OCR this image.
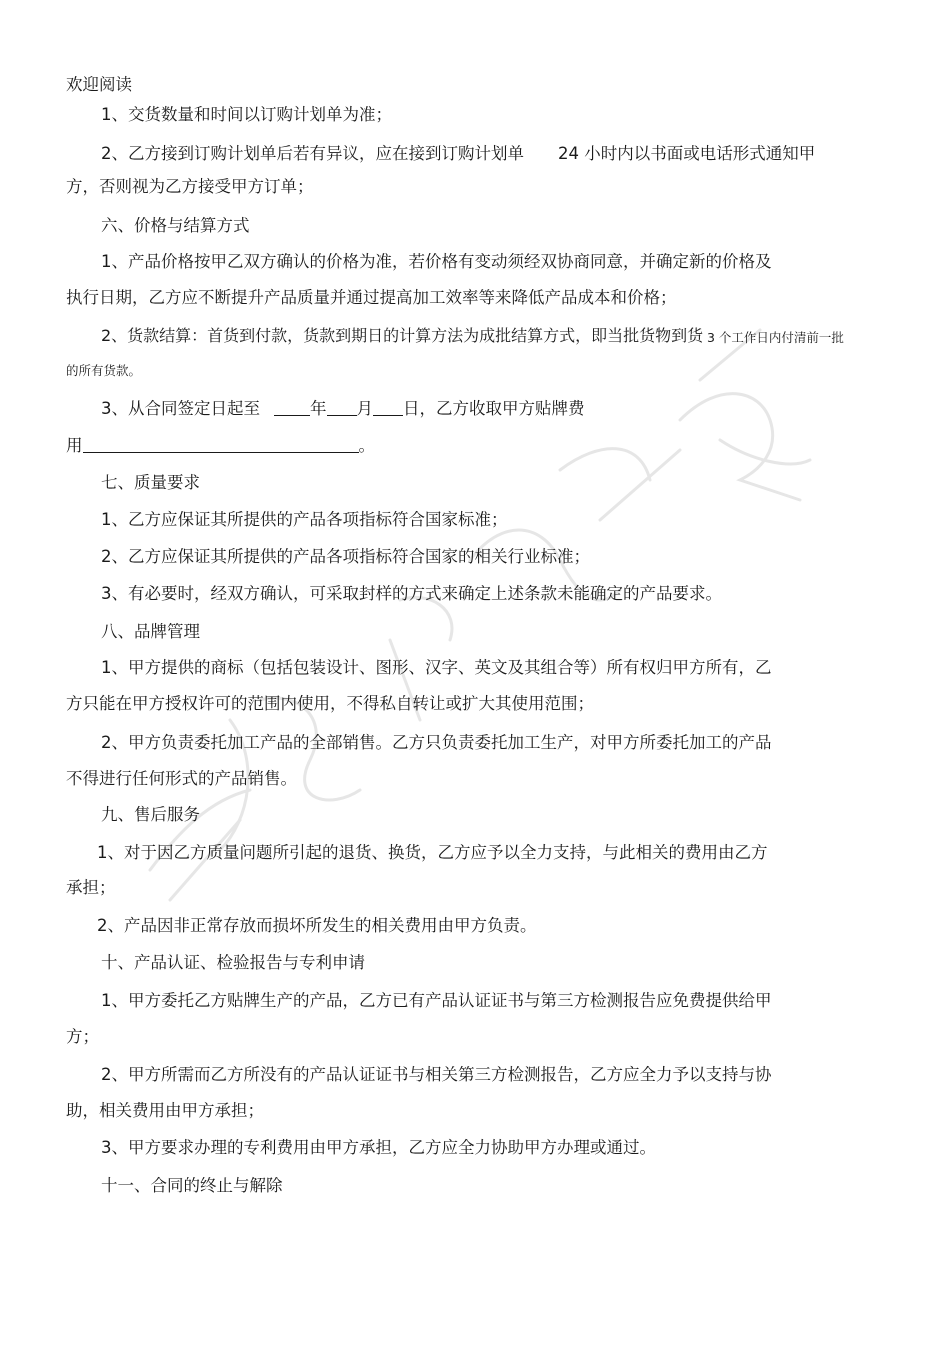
欢迎阅读
1、交货数量和时间以订购计划单为准；
2、乙方接到订购计划单后若有异议，应在接到订购计划单 24 小时内以书面或电话形式通知甲
方，否则视为乙方接受甲方订单；
六、价格与结算方式
1、产品价格按甲乙双方确认的价格为准，若价格有变动须经双协商同意，并确定新的价格及
执行日期，乙方应不断提升产品质量并通过提高加工效率等来降低产品成本和价格；
2、货款结算：首货到付款，货款到期日的计算方法为成批结算方式，即当批货物到货 3 个工作日内付清前一批
的所有货款。
3、从合同签定日起至	年 月 日，乙方收取甲方贴牌费
用	。
七、质量要求
1、乙方应保证其所提供的产品各项指标符合国家标准；
2、乙方应保证其所提供的产品各项指标符合国家的相关行业标准；
3、有必要时，经双方确认，可采取封样的方式来确定上述条款未能确定的产品要求。
八、品牌管理
1、甲方提供的商标（包括包装设计、图形、汉字、英文及其组合等）所有权归甲方所有，乙
方只能在甲方授权许可的范围内使用，不得私自转让或扩大其使用范围；
2、甲方负责委托加工产品的全部销售。乙方只负责委托加工生产，对甲方所委托加工的产品
不得进行任何形式的产品销售。
九、售后服务
1、对于因乙方质量问题所引起的退货、换货，乙方应予以全力支持，与此相关的费用由乙方
承担；
2、产品因非正常存放而损坏所发生的相关费用由甲方负责。
十、产品认证、检验报告与专利申请
1、甲方委托乙方贴牌生产的产品，乙方已有产品认证证书与第三方检测报告应免费提供给甲
方；
2、甲方所需而乙方所没有的产品认证证书与相关第三方检测报告，乙方应全力予以支持与协
助，相关费用由甲方承担；
3、甲方要求办理的专利费用由甲方承担，乙方应全力协助甲方办理或通过。
十一、合同的终止与解除
